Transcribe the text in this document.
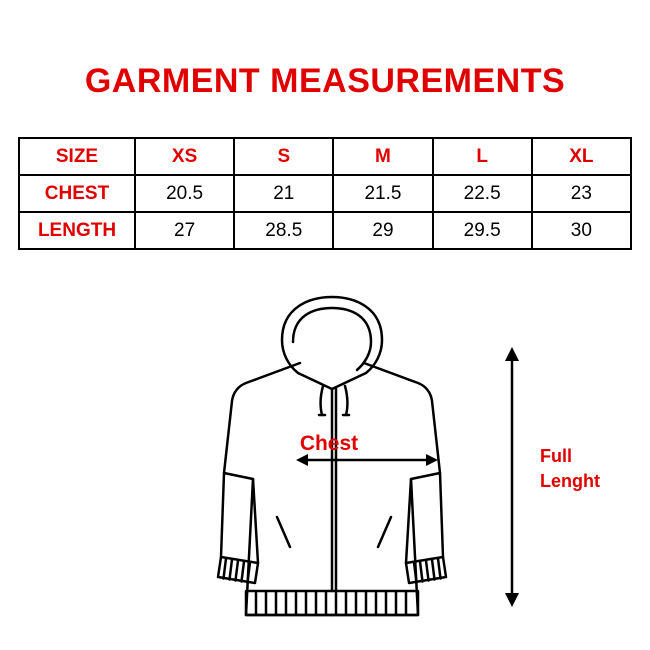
GARMENT MEASUREMENTS
SIZE	XS	S	M	L	XL
CHEST	20.5	21	21.5	22.5	23
LENGTH	27	28.5	29	29.5	30
Chest
Full
Lenght
